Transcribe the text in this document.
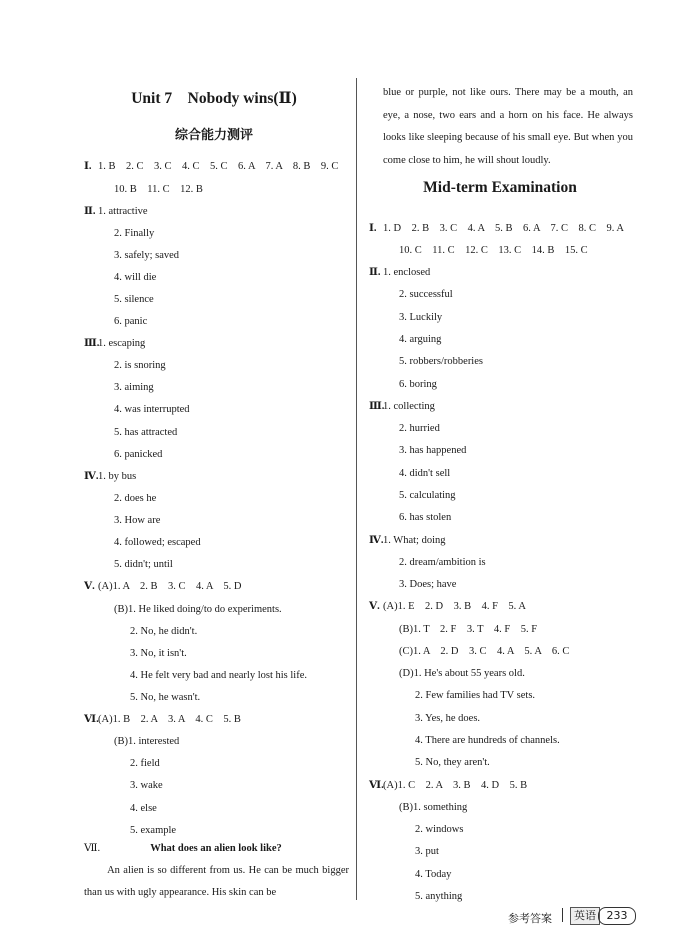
Unit 7　Nobody wins(Ⅱ)
综合能力测评
Ⅰ. 1. B　2. C　3. C　4. C　5. C　6. A　7. A　8. B　9. C
10. B　11. C　12. B
Ⅱ. 1. attractive
2. Finally
3. safely; saved
4. will die
5. silence
6. panic
Ⅲ.
1. escaping
2. is snoring
3. aiming
4. was interrupted
5. has attracted
6. panicked
Ⅳ. 1. by bus
2. does he
3. How are
4. followed; escaped
5. didn't; until
Ⅴ. (A)1. A　2. B　3. C　4. A　5. D
(B)1. He liked doing/to do experiments.
2. No, he didn't.
3. No, it isn't.
4. He felt very bad and nearly lost his life.
5. No, he wasn't.
Ⅵ. (A)1. B　2. A　3. A　4. C　5. B
(B)1. interested
2. field
3. wake
4. else
5. example
Ⅶ.	What does an alien look like?
An alien is so different from us. He can be much bigger than us with ugly appearance. His skin can be
blue or purple, not like ours. There may be a mouth, an eye, a nose, two ears and a horn on his face. He always looks like sleeping because of his small eye. But when you come close to him, he will shout loudly.
Mid-term Examination
Ⅰ. 1. D　2. B　3. C　4. A　5. B　6. A　7. C　8. C　9. A
10. C　11. C　12. C　13. C　14. B　15. C
Ⅱ. 1. enclosed
2. successful
3. Luckily
4. arguing
5. robbers/robberies
6. boring
Ⅲ.
1. collecting
2. hurried
3. has happened
4. didn't sell
5. calculating
6. has stolen
Ⅳ. 1. What; doing
2. dream/ambition is
3. Does; have
Ⅴ. (A)1. E　2. D　3. B　4. F　5. A
(B)1. T　2. F　3. T　4. F　5. F
(C)1. A　2. D　3. C　4. A　5. A　6. C
(D)1. He's about 55 years old.
2. Few families had TV sets.
3. Yes, he does.
4. There are hundreds of channels.
5. No, they aren't.
Ⅵ. (A)1. C　2. A　3. B　4. D　5. B
(B)1. something
2. windows
3. put
4. Today
5. anything
参考答案	英语 233
